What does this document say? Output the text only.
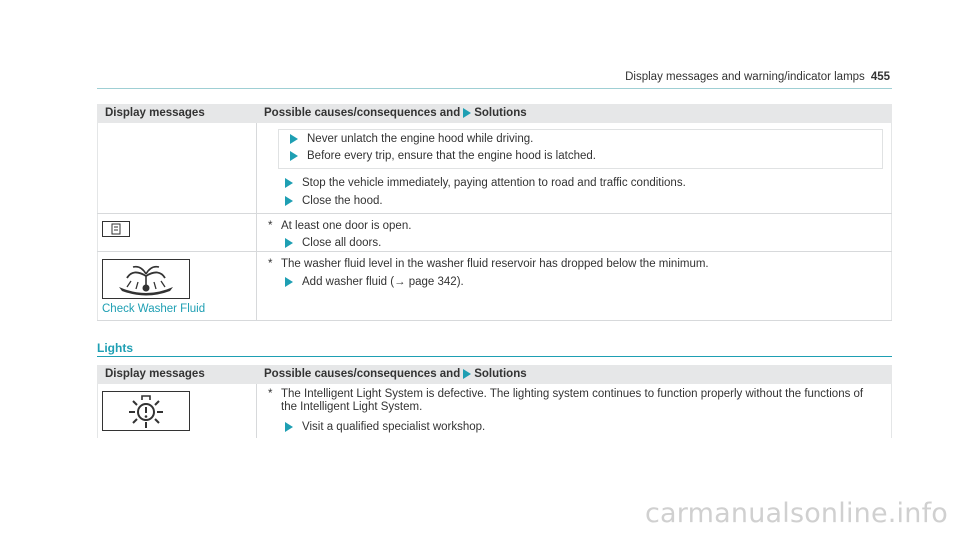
Display messages and warning/indicator lamps 455
Display messages	Possible causes/consequences and Solutions
Never unlatch the engine hood while driving.
Before every trip, ensure that the engine hood is latched.
Stop the vehicle immediately, paying attention to road and traffic conditions.
Close the hood.
* At least one door is open.
Close all doors.
Check Washer Fluid
* The washer fluid level in the washer fluid reservoir has dropped below the minimum.
Add washer fluid (→ page 342).
Lights
Display messages	Possible causes/consequences and Solutions
* The Intelligent Light System is defective. The lighting system continues to function properly without the functions of
the Intelligent Light System.
Visit a qualified specialist workshop.
carmanualsonline.info
